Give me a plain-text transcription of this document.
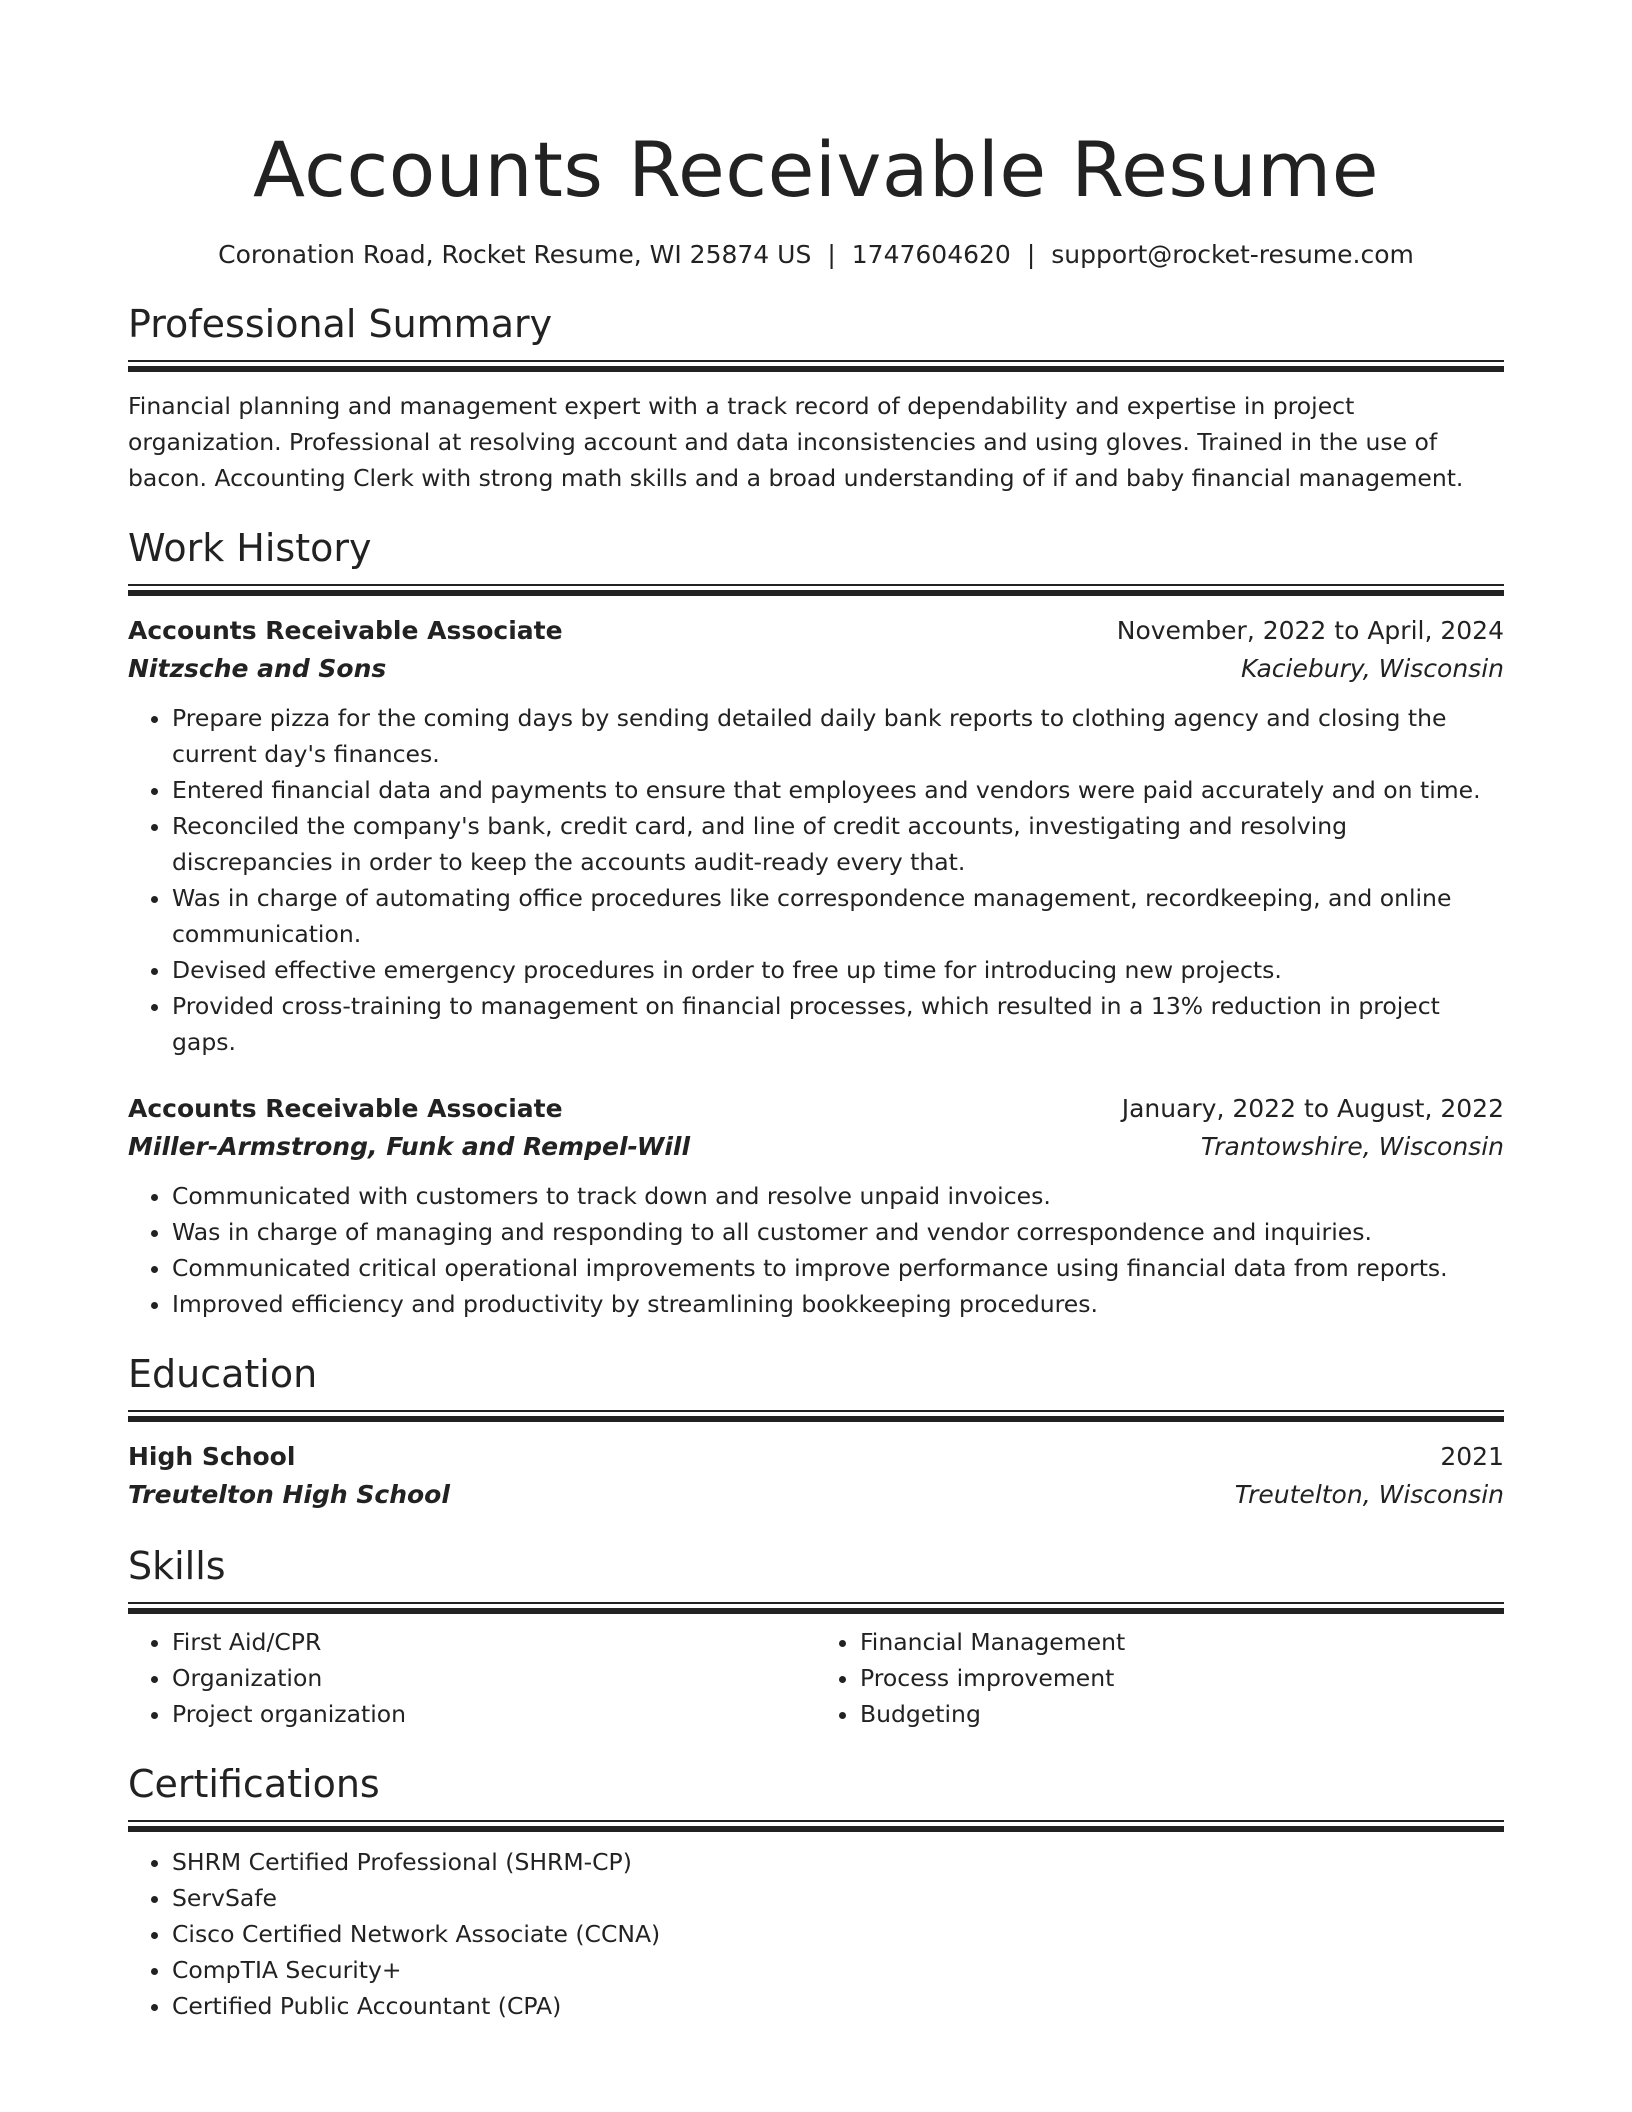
Accounts Receivable Resume
Coronation Road, Rocket Resume, WI 25874 US | 1747604620 | support@rocket-resume.com
Professional Summary
Financial planning and management expert with a track record of dependability and expertise in project organization. Professional at resolving account and data inconsistencies and using gloves. Trained in the use of bacon. Accounting Clerk with strong math skills and a broad understanding of if and baby financial management.
Work History
Accounts Receivable Associate	November, 2022 to April, 2024
Nitzsche and Sons	Kaciebury, Wisconsin
• Prepare pizza for the coming days by sending detailed daily bank reports to clothing agency and closing the current day's finances.
• Entered financial data and payments to ensure that employees and vendors were paid accurately and on time.
• Reconciled the company's bank, credit card, and line of credit accounts, investigating and resolving discrepancies in order to keep the accounts audit-ready every that.
• Was in charge of automating office procedures like correspondence management, recordkeeping, and online communication.
• Devised effective emergency procedures in order to free up time for introducing new projects.
• Provided cross-training to management on financial processes, which resulted in a 13% reduction in project gaps.
Accounts Receivable Associate	January, 2022 to August, 2022
Miller-Armstrong, Funk and Rempel-Will	Trantowshire, Wisconsin
• Communicated with customers to track down and resolve unpaid invoices.
• Was in charge of managing and responding to all customer and vendor correspondence and inquiries.
• Communicated critical operational improvements to improve performance using financial data from reports.
• Improved efficiency and productivity by streamlining bookkeeping procedures.
Education
High School	2021
Treutelton High School	Treutelton, Wisconsin
Skills
• First Aid/CPR
• Organization
• Project organization
• Financial Management
• Process improvement
• Budgeting
Certifications
• SHRM Certified Professional (SHRM-CP)
• ServSafe
• Cisco Certified Network Associate (CCNA)
• CompTIA Security+
• Certified Public Accountant (CPA)
